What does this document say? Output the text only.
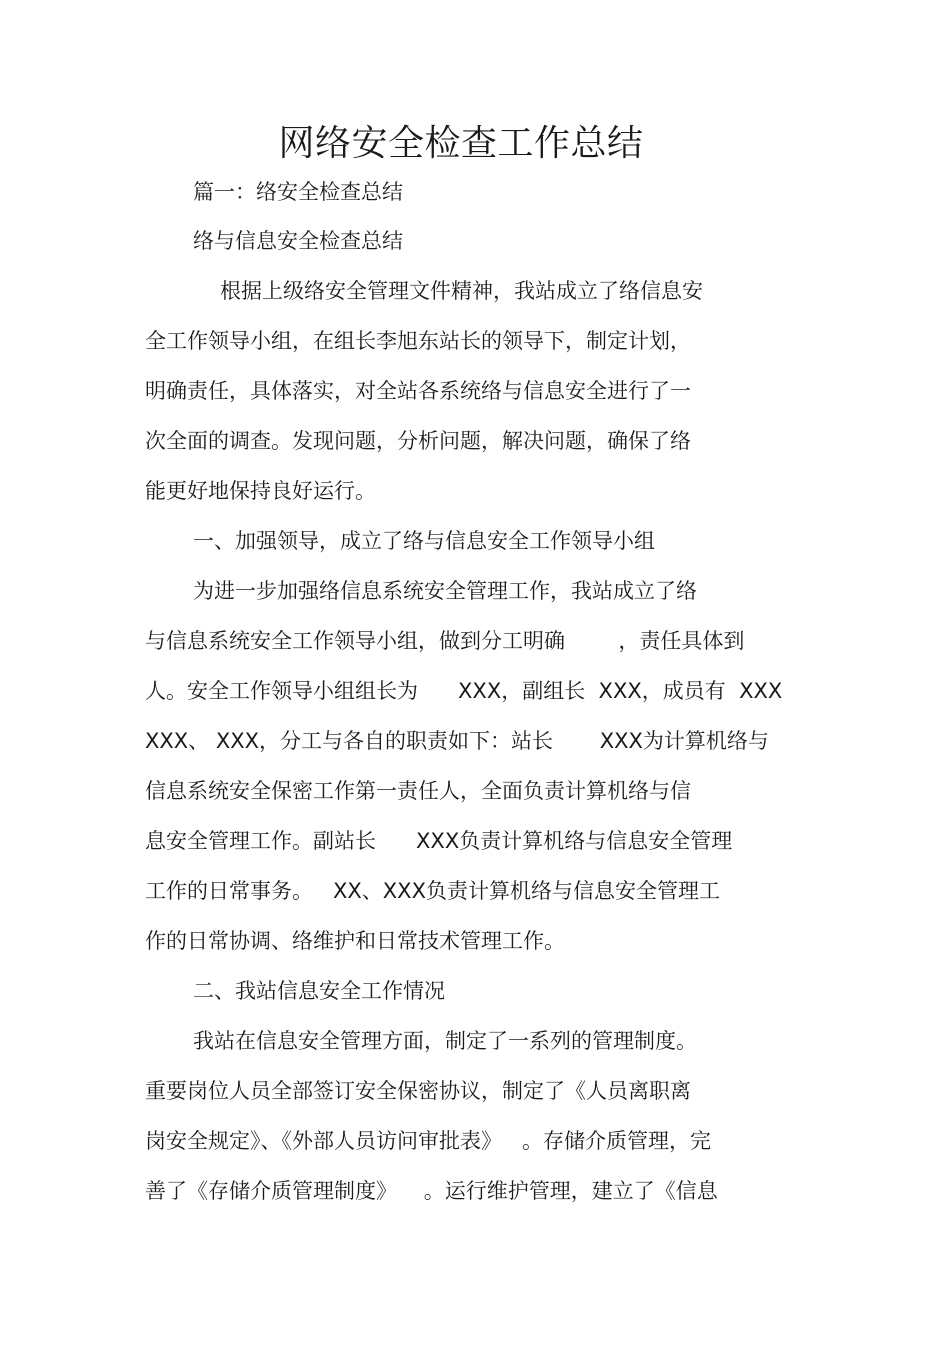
网络安全检查工作总结
篇一：络安全检查总结
络与信息安全检查总结
根据上级络安全管理文件精神，我站成立了络信息安
全工作领导小组，在组长李旭东站长的领导下，制定计划，
明确责任，具体落实，对全站各系统络与信息安全进行了一
次全面的调查。发现问题，分析问题，解决问题，确保了络
能更好地保持良好运行。
一、加强领导，成立了络与信息安全工作领导小组
为进一步加强络信息系统安全管理工作，我站成立了络
与信息系统安全工作领导小组，做到分工明确        ，责任具体到
人。安全工作领导小组组长为      XXX，副组长  XXX，成员有  XXX
XXX、 XXX，分工与各自的职责如下：站长       XXX为计算机络与
信息系统安全保密工作第一责任人，全面负责计算机络与信
息安全管理工作。副站长      XXX负责计算机络与信息安全管理
工作的日常事务。   XX、XXX负责计算机络与信息安全管理工
作的日常协调、络维护和日常技术管理工作。
二、我站信息安全工作情况
我站在信息安全管理方面，制定了一系列的管理制度。
重要岗位人员全部签订安全保密协议，制定了《人员离职离
岗安全规定》、《外部人员访问审批表》   。存储介质管理，完
善了《存储介质管理制度》    。运行维护管理，建立了《信息
